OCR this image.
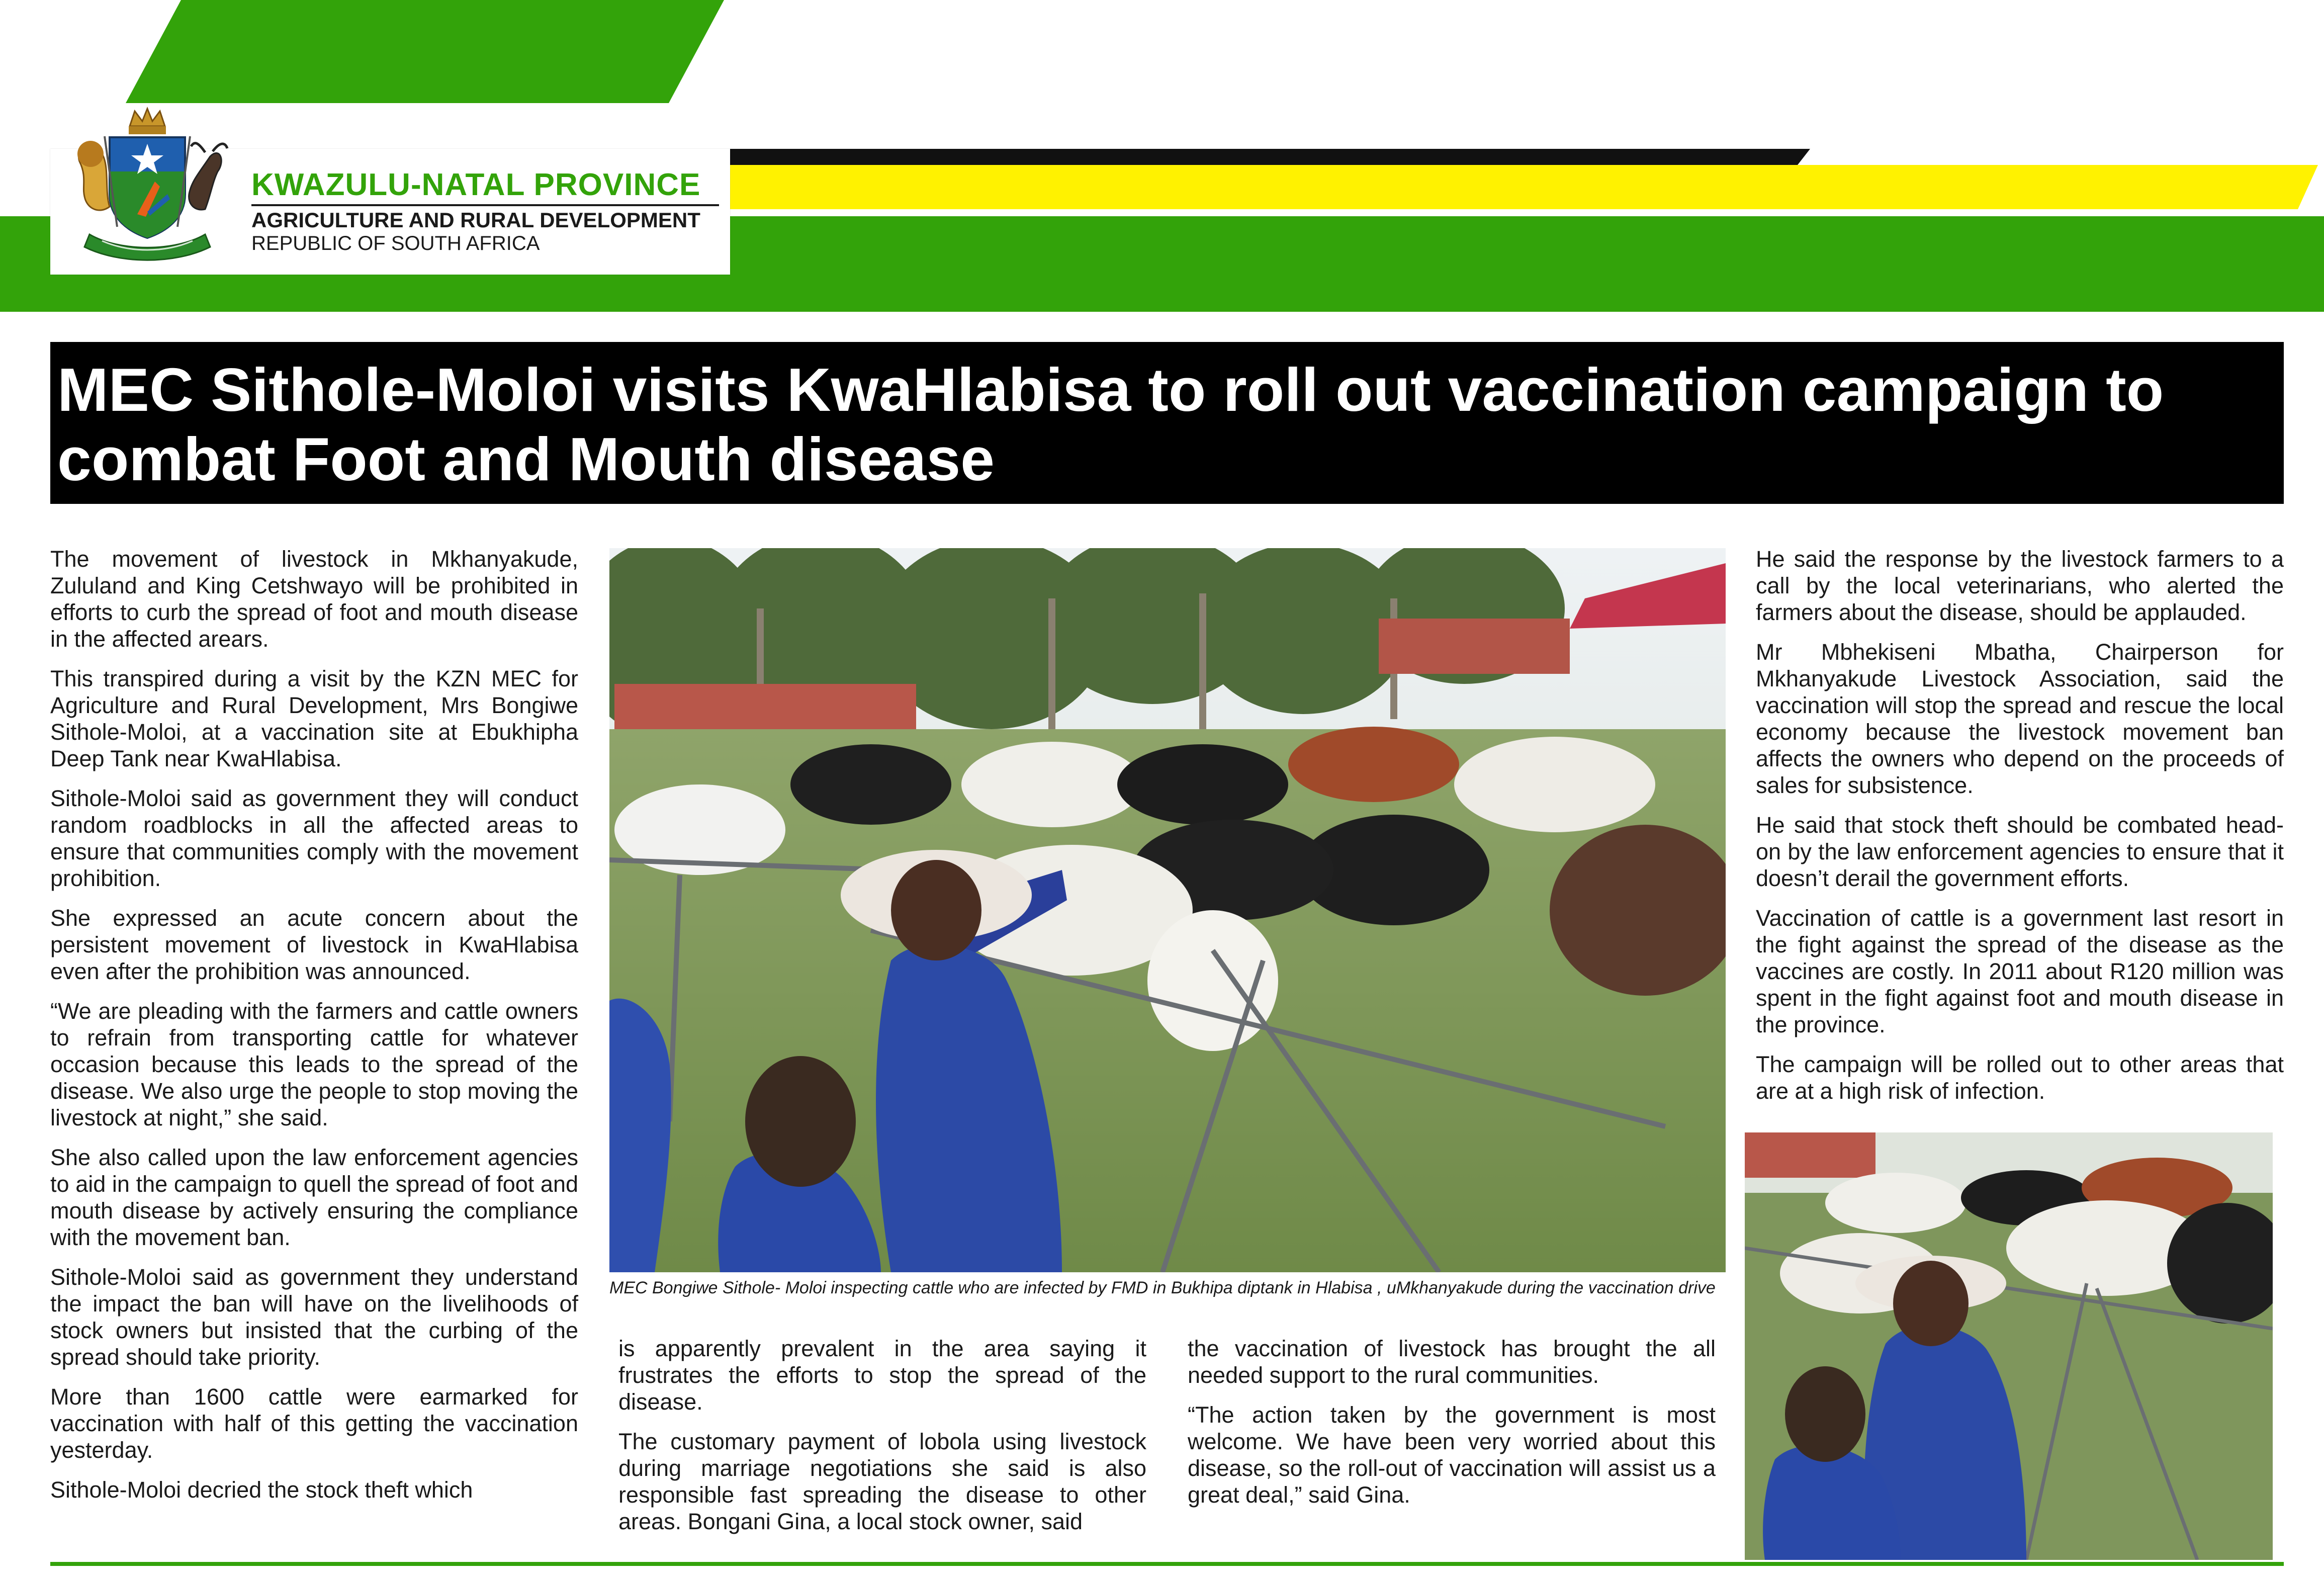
KWAZULU-NATAL PROVINCE
AGRICULTURE AND RURAL DEVELOPMENT
REPUBLIC OF SOUTH AFRICA
MEC Sithole-Moloi visits KwaHlabisa to roll out vaccination campaign to combat Foot and Mouth disease

The movement of livestock in Mkhanyakude, Zululand and King Cetshwayo will be prohibited in efforts to curb the spread of foot and mouth disease in the affected arears.

This transpired during a visit by the KZN MEC for Agriculture and Rural Development, Mrs Bongiwe Sithole-Moloi, at a vaccination site at Ebukhipha Deep Tank near KwaHlabisa.

Sithole-Moloi said as government they will conduct random roadblocks in all the affected areas to ensure that communities comply with the movement prohibition.

She expressed an acute concern about the persistent movement of livestock in KwaHlabisa even after the prohibition was announced.

“We are pleading with the farmers and cattle owners to refrain from transporting cattle for whatever occasion because this leads to the spread of the disease. We also urge the people to stop moving the livestock at night,” she said.

She also called upon the law enforcement agencies to aid in the campaign to quell the spread of foot and mouth disease by actively ensuring the compliance with the movement ban.

Sithole-Moloi said as government they understand the impact the ban will have on the livelihoods of stock owners but insisted that the curbing of the spread should take priority.

More than 1600 cattle were earmarked for vaccination with half of this getting the vaccination yesterday.

Sithole-Moloi decried the stock theft which

MEC Bongiwe Sithole- Moloi inspecting cattle who are infected by FMD in Bukhipa diptank in Hlabisa , uMkhanyakude during the vaccination drive

is apparently prevalent in the area saying it frustrates the efforts to stop the spread of the disease.

The customary payment of lobola using livestock during marriage negotiations she said is also responsible fast spreading the disease to other areas. Bongani Gina, a local stock owner, said

the vaccination of livestock has brought the all needed support to the rural communities.

“The action taken by the government is most welcome. We have been very worried about this disease, so the roll-out of vaccination will assist us a great deal,” said Gina.

He said the response by the livestock farmers to a call by the local veterinarians, who alerted the farmers about the disease, should be applauded.

Mr Mbhekiseni Mbatha, Chairperson for Mkhanyakude Livestock Association, said the vaccination will stop the spread and rescue the local economy because the livestock movement ban affects the owners who depend on the proceeds of sales for subsistence.

He said that stock theft should be combated head-on by the law enforcement agencies to ensure that it doesn’t derail the government efforts.

Vaccination of cattle is a government last resort in the fight against the spread of the disease as the vaccines are costly. In 2011 about R120 million was spent in the fight against foot and mouth disease in the province.

The campaign will be rolled out to other areas that are at a high risk of infection.
